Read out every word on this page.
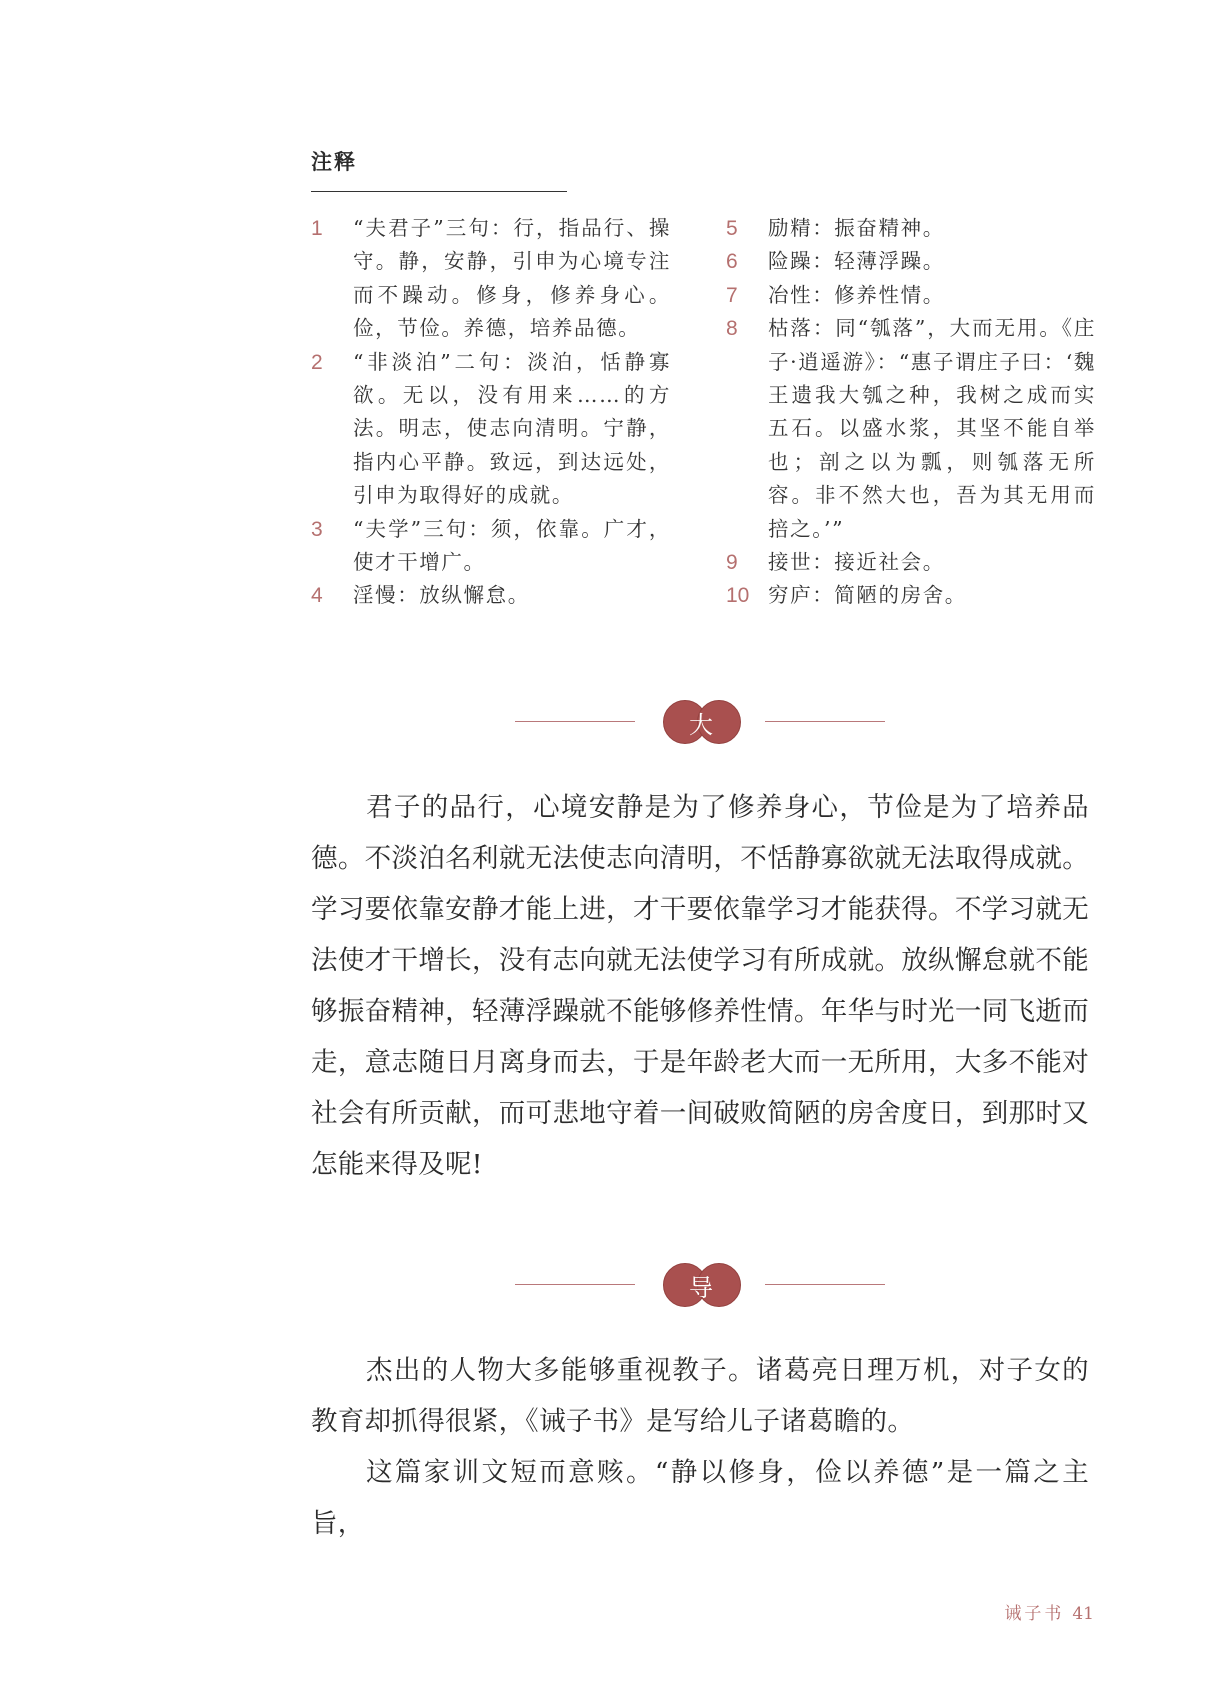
注释
1 “夫君子”三句：行，指品行、操守。静，安静，引申为心境专注而不躁动。修身，修养身心。俭，节俭。养德，培养品德。
2 “非淡泊”二句：淡泊，恬静寡欲。无以，没有用来……的方法。明志，使志向清明。宁静，指内心平静。致远，到达远处，引申为取得好的成就。
3 “夫学”三句：须，依靠。广才，使才干增广。
4 淫慢：放纵懈怠。
5 励精：振奋精神。
6 险躁：轻薄浮躁。
7 冶性：修养性情。
8 枯落：同“瓠落”，大而无用。《庄子·逍遥游》：“惠子谓庄子曰：‘魏王遗我大瓠之种，我树之成而实五石。以盛水浆，其坚不能自举也；剖之以为瓢，则瓠落无所容。非不然大也，吾为其无用而掊之。’”
9 接世：接近社会。
10 穷庐：简陋的房舍。
大意

君子的品行，心境安静是为了修养身心，节俭是为了培养品德。不淡泊名利就无法使志向清明，不恬静寡欲就无法取得成就。学习要依靠安静才能上进，才干要依靠学习才能获得。不学习就无法使才干增长，没有志向就无法使学习有所成就。放纵懈怠就不能够振奋精神，轻薄浮躁就不能够修养性情。年华与时光一同飞逝而走，意志随日月离身而去，于是年龄老大而一无所用，大多不能对社会有所贡献，而可悲地守着一间破败简陋的房舍度日，到那时又怎能来得及呢!

导读

杰出的人物大多能够重视教子。诸葛亮日理万机，对子女的教育却抓得很紧，《诫子书》是写给儿子诸葛瞻的。

这篇家训文短而意赅。“静以修身，俭以养德”是一篇之主旨，

诫子书 41
